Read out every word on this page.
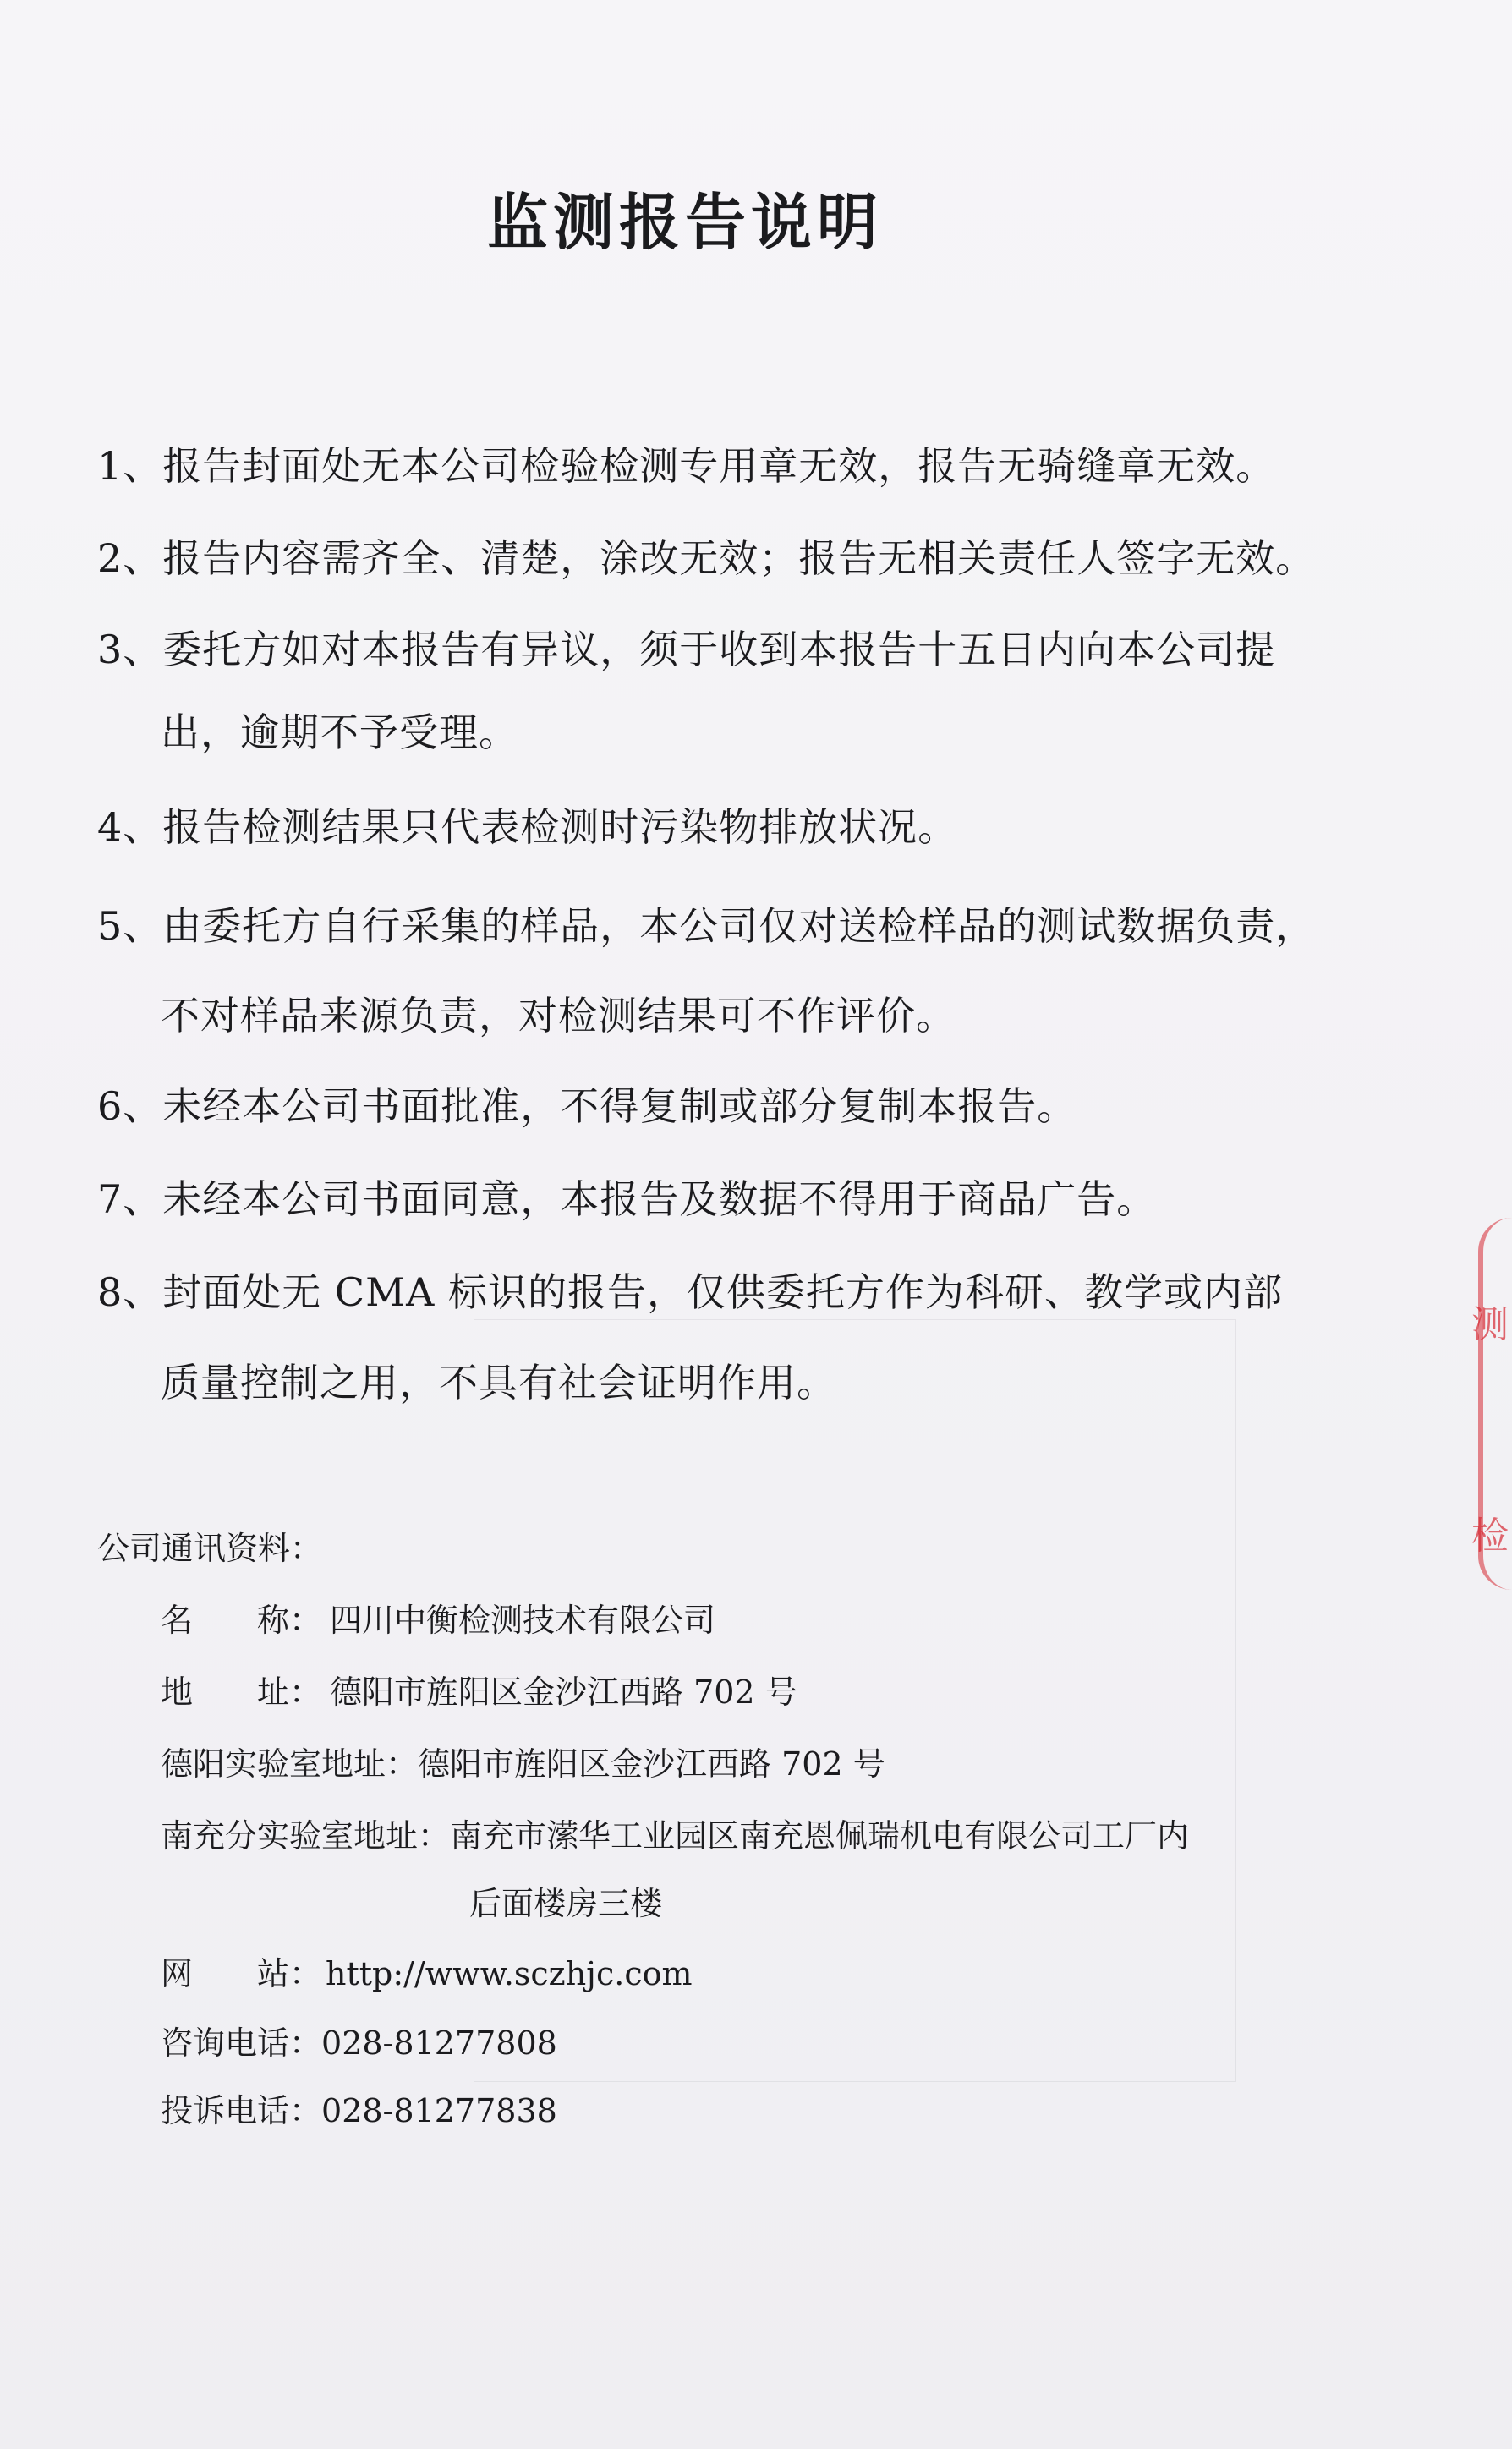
监测报告说明
1、报告封面处无本公司检验检测专用章无效，报告无骑缝章无效。
2、报告内容需齐全、清楚，涂改无效；报告无相关责任人签字无效。
3、委托方如对本报告有异议，须于收到本报告十五日内向本公司提
出，逾期不予受理。
4、报告检测结果只代表检测时污染物排放状况。
5、由委托方自行采集的样品，本公司仅对送检样品的测试数据负责，
不对样品来源负责，对检测结果可不作评价。
6、未经本公司书面批准，不得复制或部分复制本报告。
7、未经本公司书面同意，本报告及数据不得用于商品广告。
8、封面处无 CMA 标识的报告，仅供委托方作为科研、教学或内部
质量控制之用，不具有社会证明作用。
公司通讯资料：
名　　称： 四川中衡检测技术有限公司
地　　址： 德阳市旌阳区金沙江西路 702 号
德阳实验室地址：德阳市旌阳区金沙江西路 702 号
南充分实验室地址：南充市潆华工业园区南充恩佩瑞机电有限公司工厂内
后面楼房三楼
网　　站： http://www.sczhjc.com
咨询电话：028-81277808
投诉电话：028-81277838
测
检
